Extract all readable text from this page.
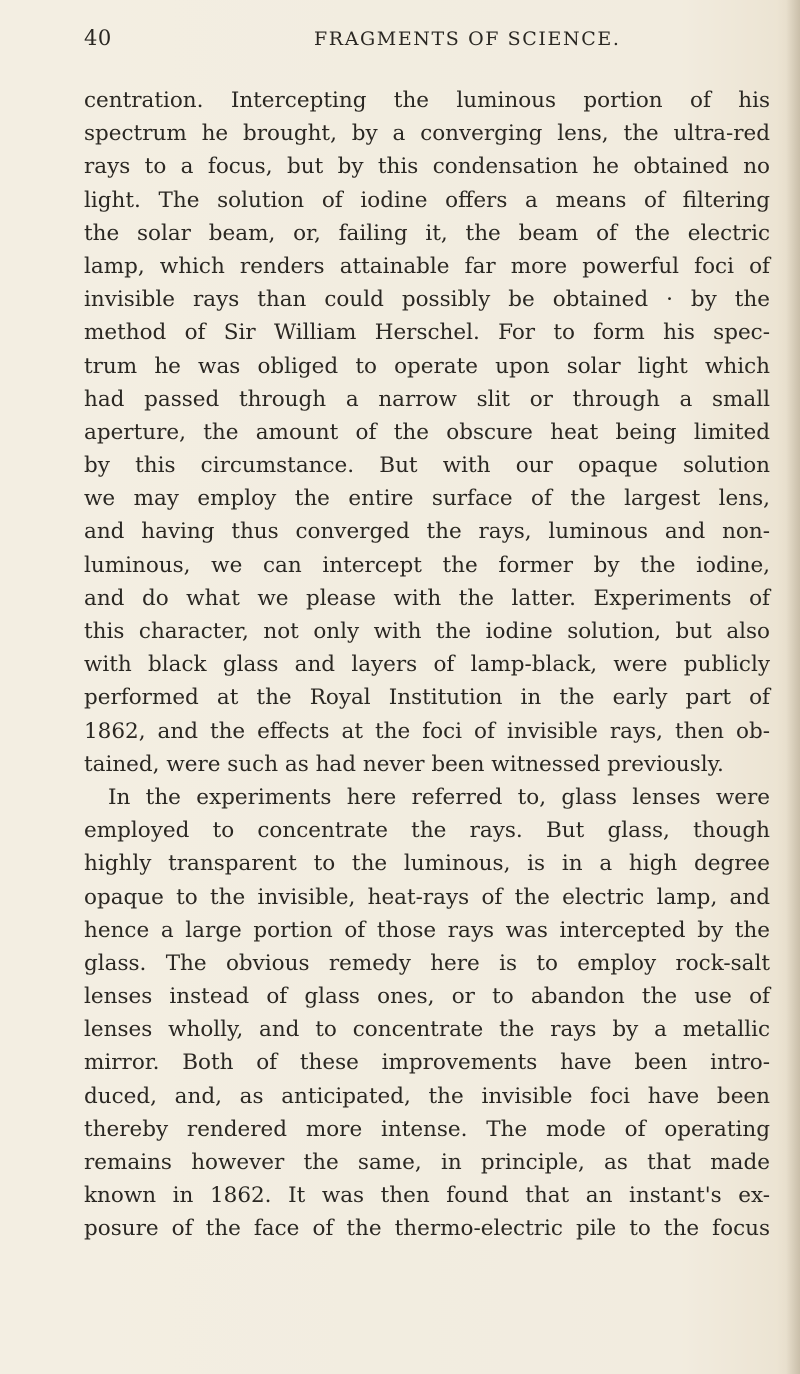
40	FRAGMENTS OF SCIENCE.
centration. Intercepting the luminous portion of his
spectrum he brought, by a converging lens, the ultra-red
rays to a focus, but by this condensation he obtained no
light. The solution of iodine offers a means of filtering
the solar beam, or, failing it, the beam of the electric
lamp, which renders attainable far more powerful foci of
invisible rays than could possibly be obtained · by the
method of Sir William Herschel. For to form his spec-
trum he was obliged to operate upon solar light which
had passed through a narrow slit or through a small
aperture, the amount of the obscure heat being limited
by this circumstance. But with our opaque solution
we may employ the entire surface of the largest lens,
and having thus converged the rays, luminous and non-
luminous, we can intercept the former by the iodine,
and do what we please with the latter. Experiments of
this character, not only with the iodine solution, but also
with black glass and layers of lamp-black, were publicly
performed at the Royal Institution in the early part of
1862, and the effects at the foci of invisible rays, then ob-
tained, were such as had never been witnessed previously.
In the experiments here referred to, glass lenses were
employed to concentrate the rays. But glass, though
highly transparent to the luminous, is in a high degree
opaque to the invisible, heat-rays of the electric lamp, and
hence a large portion of those rays was intercepted by the
glass. The obvious remedy here is to employ rock-salt
lenses instead of glass ones, or to abandon the use of
lenses wholly, and to concentrate the rays by a metallic
mirror. Both of these improvements have been intro-
duced, and, as anticipated, the invisible foci have been
thereby rendered more intense. The mode of operating
remains however the same, in principle, as that made
known in 1862. It was then found that an instant's ex-
posure of the face of the thermo-electric pile to the focus
